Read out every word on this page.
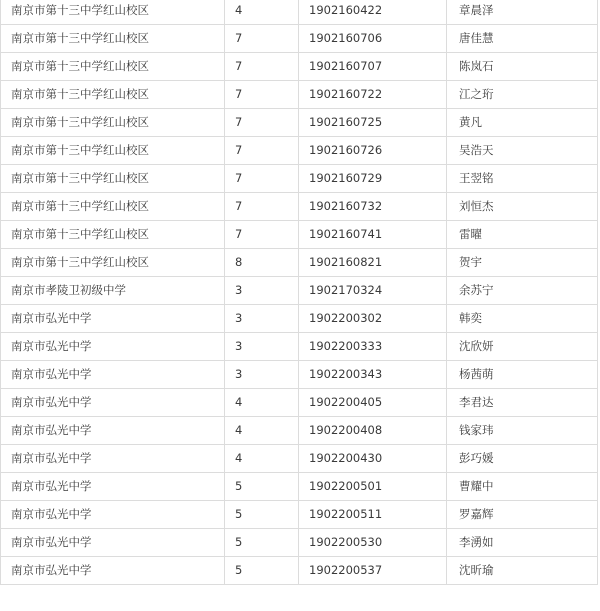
南京市第十三中学红山校区	4	1902160422	章晨泽
南京市第十三中学红山校区	7	1902160706	唐佳慧
南京市第十三中学红山校区	7	1902160707	陈岚石
南京市第十三中学红山校区	7	1902160722	江之珩
南京市第十三中学红山校区	7	1902160725	黄凡
南京市第十三中学红山校区	7	1902160726	吴浩天
南京市第十三中学红山校区	7	1902160729	王翌铭
南京市第十三中学红山校区	7	1902160732	刘恒杰
南京市第十三中学红山校区	7	1902160741	雷曜
南京市第十三中学红山校区	8	1902160821	贺宇
南京市孝陵卫初级中学	3	1902170324	余苏宁
南京市弘光中学	3	1902200302	韩奕
南京市弘光中学	3	1902200333	沈欣妍
南京市弘光中学	3	1902200343	杨茜萌
南京市弘光中学	4	1902200405	李君达
南京市弘光中学	4	1902200408	钱家玮
南京市弘光中学	4	1902200430	彭巧媛
南京市弘光中学	5	1902200501	曹耀中
南京市弘光中学	5	1902200511	罗嘉辉
南京市弘光中学	5	1902200530	李湧如
南京市弘光中学	5	1902200537	沈昕瑜
